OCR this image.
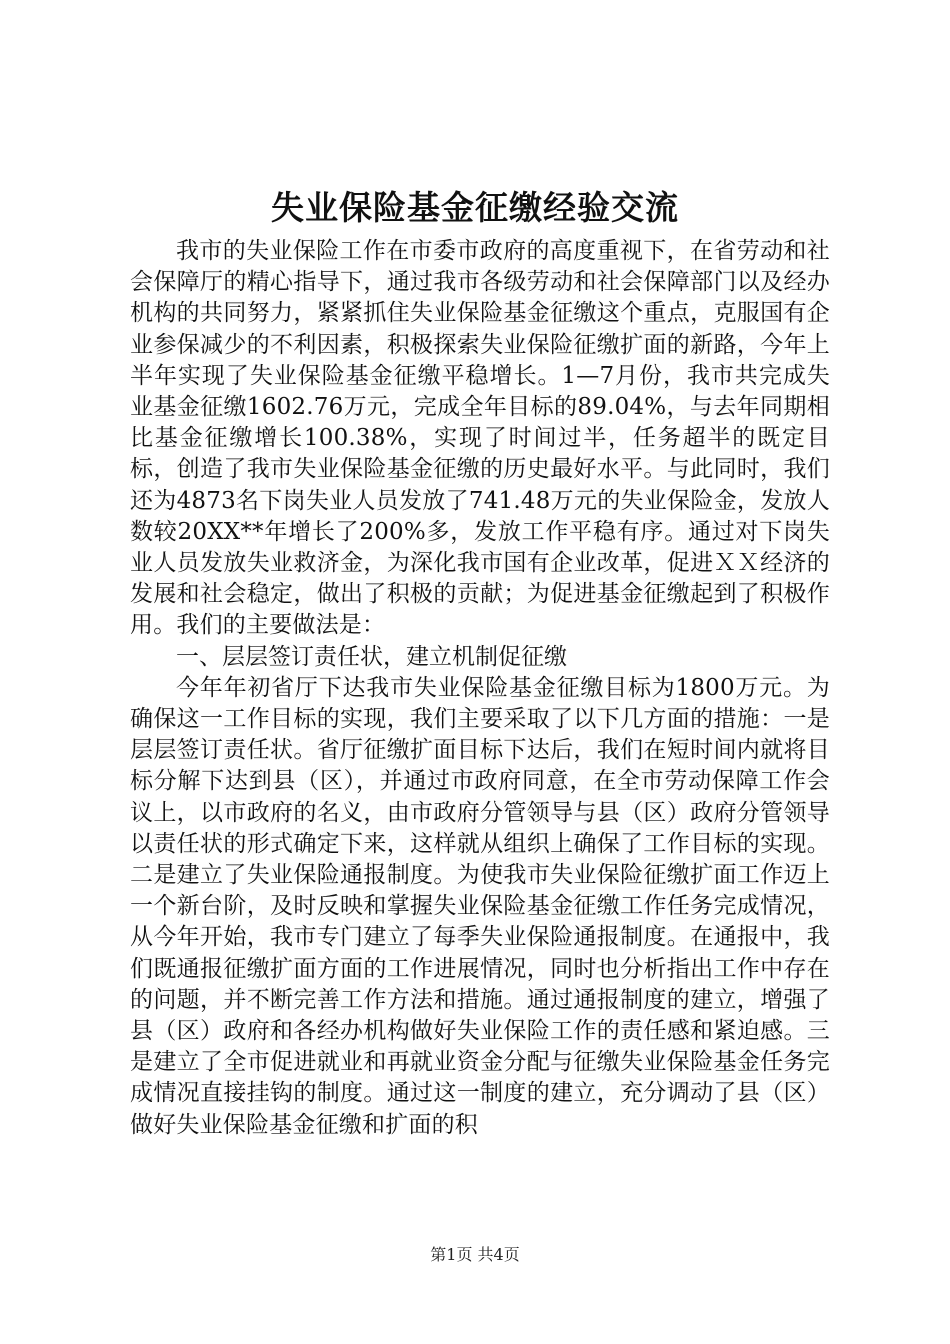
失业保险基金征缴经验交流

我市的失业保险工作在市委市政府的高度重视下，在省劳动和社会保障厅的精心指导下，通过我市各级劳动和社会保障部门以及经办机构的共同努力，紧紧抓住失业保险基金征缴这个重点，克服国有企业参保减少的不利因素，积极探索失业保险征缴扩面的新路，今年上半年实现了失业保险基金征缴平稳增长。1—7月份，我市共完成失业基金征缴1602.76万元，完成全年目标的89.04%，与去年同期相比基金征缴增长100.38%，实现了时间过半，任务超半的既定目标，创造了我市失业保险基金征缴的历史最好水平。与此同时，我们还为4873名下岗失业人员发放了741.48万元的失业保险金，发放人数较20XX**年增长了200%多，发放工作平稳有序。通过对下岗失业人员发放失业救济金，为深化我市国有企业改革，促进ＸＸ经济的发展和社会稳定，做出了积极的贡献；为促进基金征缴起到了积极作用。我们的主要做法是：

一、层层签订责任状，建立机制促征缴

今年年初省厅下达我市失业保险基金征缴目标为1800万元。为确保这一工作目标的实现，我们主要采取了以下几方面的措施：一是层层签订责任状。省厅征缴扩面目标下达后，我们在短时间内就将目标分解下达到县（区），并通过市政府同意，在全市劳动保障工作会议上，以市政府的名义，由市政府分管领导与县（区）政府分管领导以责任状的形式确定下来，这样就从组织上确保了工作目标的实现。二是建立了失业保险通报制度。为使我市失业保险征缴扩面工作迈上一个新台阶，及时反映和掌握失业保险基金征缴工作任务完成情况，从今年开始，我市专门建立了每季失业保险通报制度。在通报中，我们既通报征缴扩面方面的工作进展情况，同时也分析指出工作中存在的问题，并不断完善工作方法和措施。通过通报制度的建立，增强了县（区）政府和各经办机构做好失业保险工作的责任感和紧迫感。三是建立了全市促进就业和再就业资金分配与征缴失业保险基金任务完成情况直接挂钩的制度。通过这一制度的建立，充分调动了县（区）做好失业保险基金征缴和扩面的积

第1页 共4页
